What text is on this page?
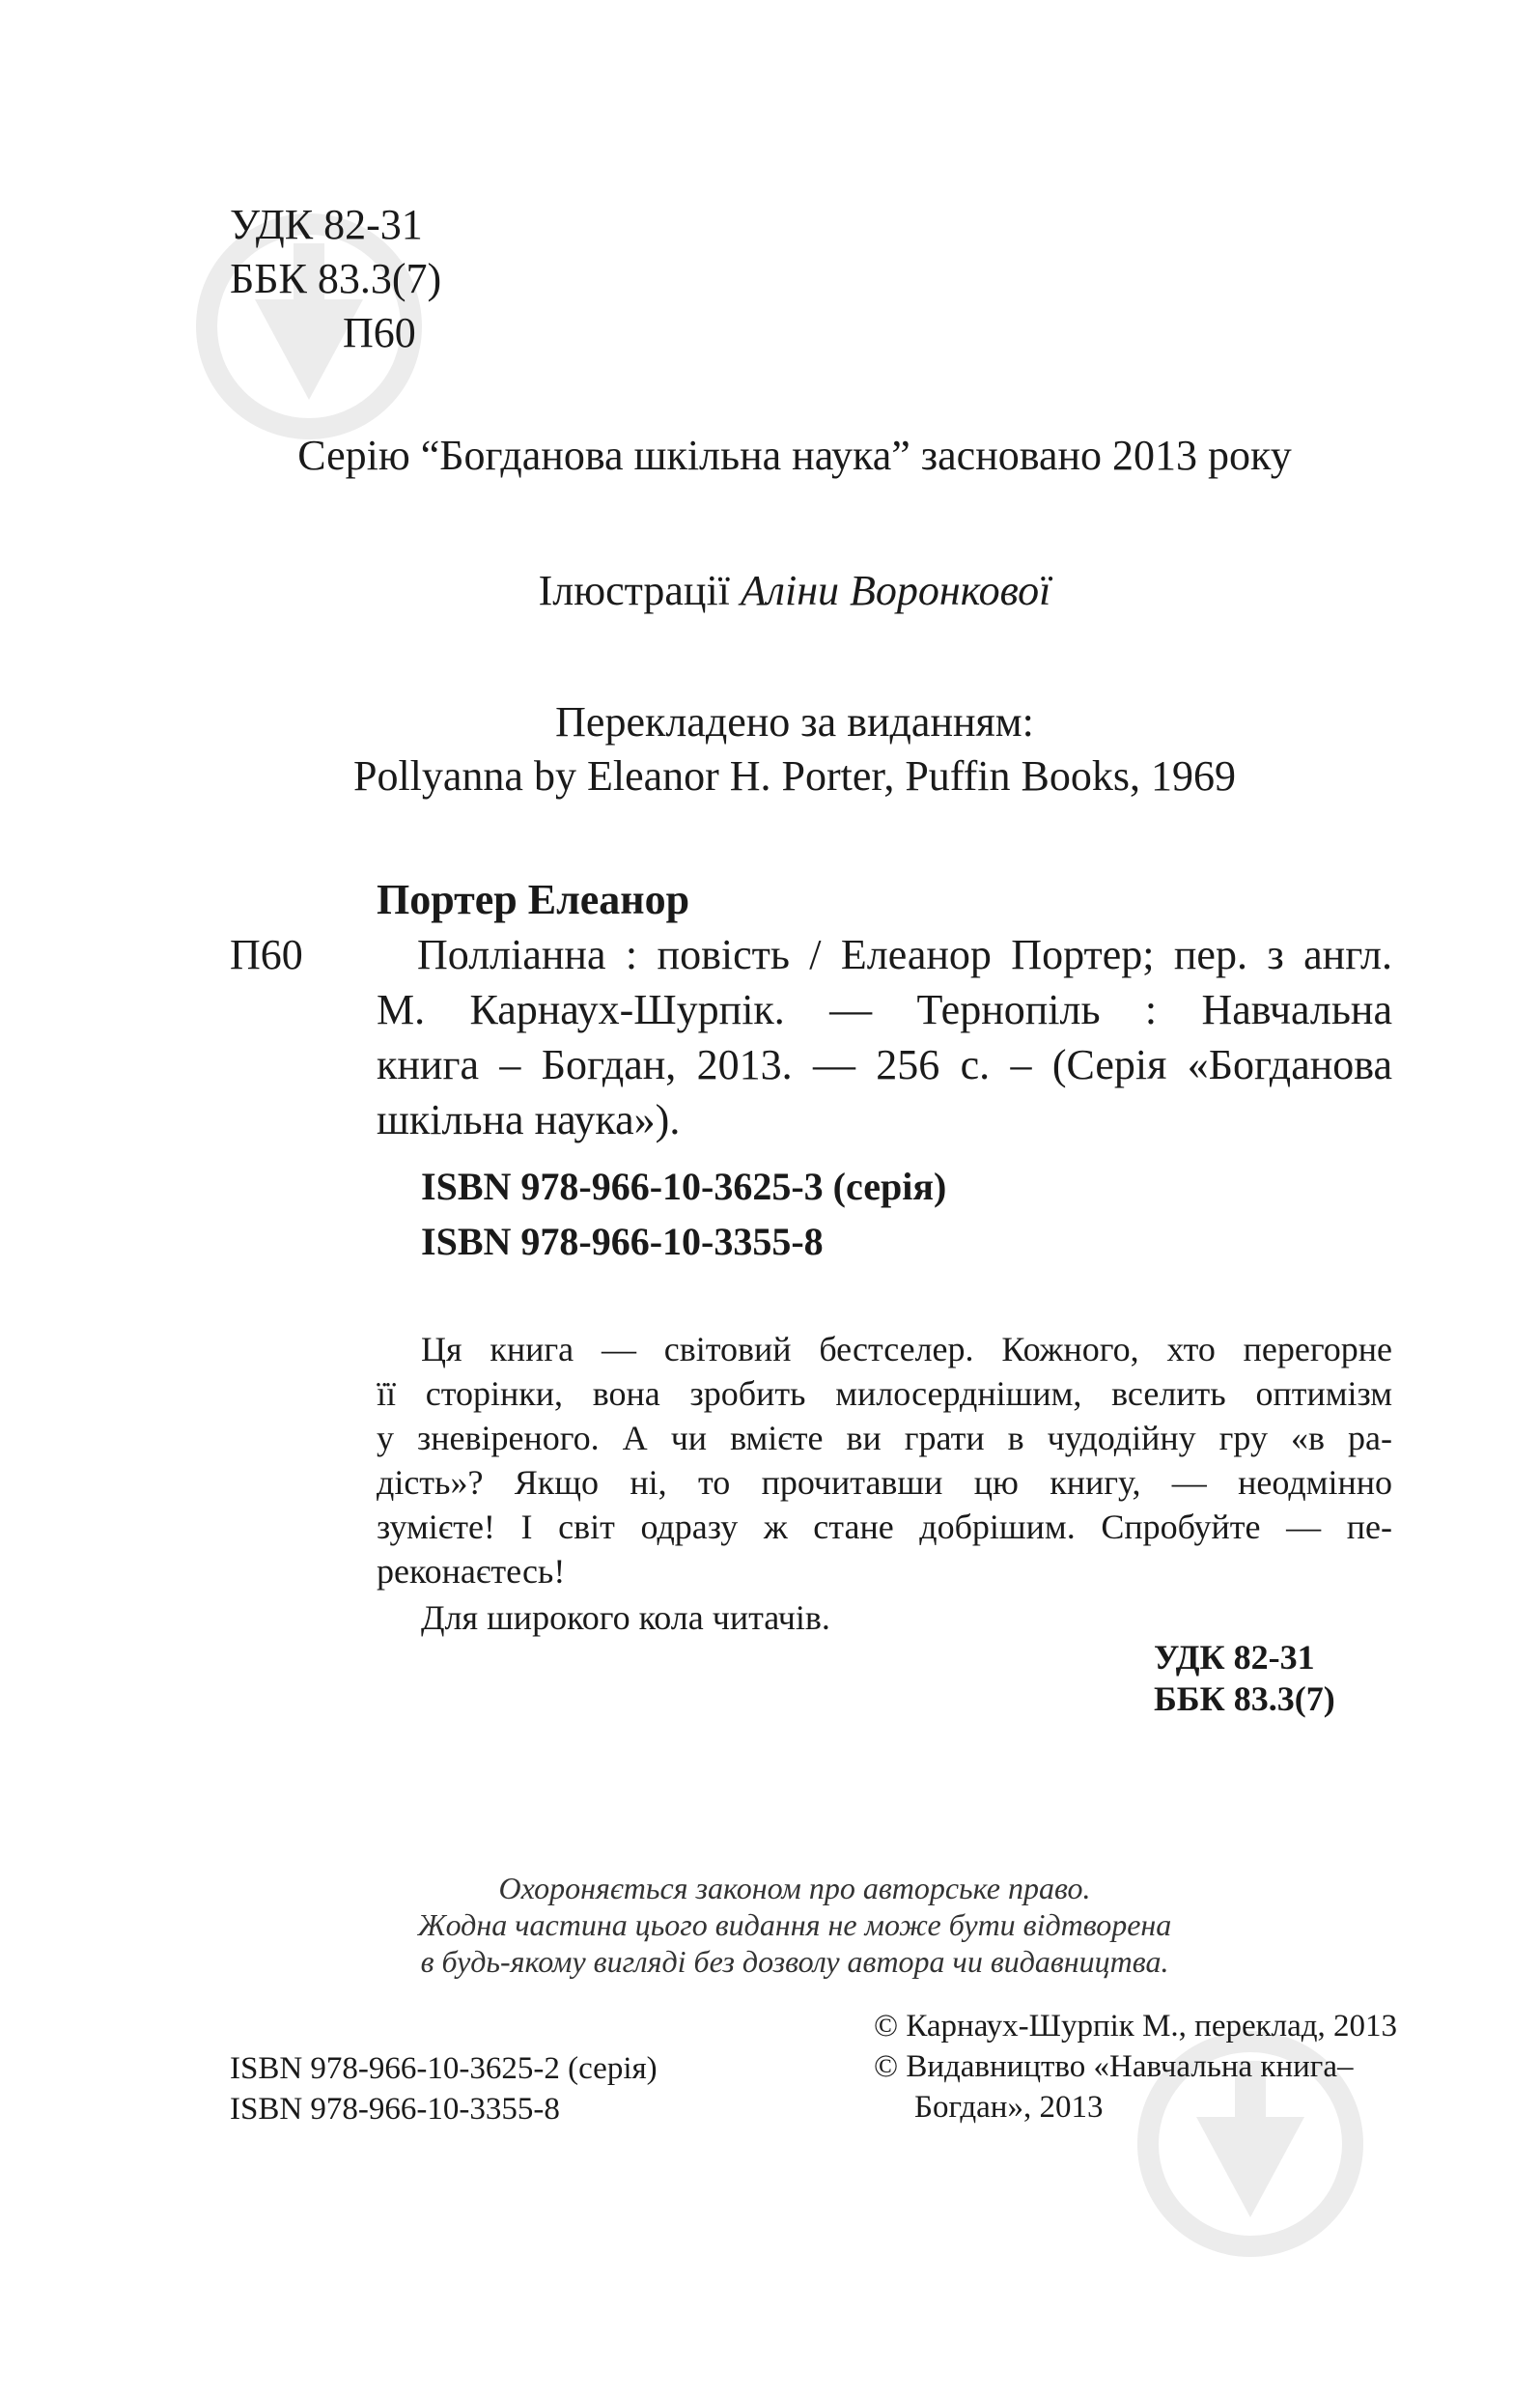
УДК 82-31
ББК 83.3(7)
П60
Серію “Богданова шкільна наука” засновано 2013 року
Ілюстрації Аліни Воронкової
Перекладено за виданням:
Pollyanna by Eleanor H. Porter, Puffin Books, 1969
Портер Елеанор
П60	Полліанна : повість / Елеанор Портер; пер. з англ.
М. Карнаух-Шурпік. — Тернопіль : Навчальна
книга – Богдан, 2013. — 256 с. – (Серія «Богданова
шкільна наука»).
ISBN 978-966-10-3625-3 (серія)
ISBN 978-966-10-3355-8
Ця книга — світовий бестселер. Кожного, хто перегорне
її сторінки, вона зробить милосерднішим, вселить оптимізм
у зневіреного. А чи вмієте ви грати в чудодійну гру «в ра-
дість»? Якщо ні, то прочитавши цю книгу, — неодмінно
зумієте! І світ одразу ж стане добрішим. Спробуйте — пе-
реконаєтесь!
Для широкого кола читачів.
УДК 82-31
ББК 83.3(7)
Охороняється законом про авторське право.
Жодна частина цього видання не може бути відтворена
в будь-якому вигляді без дозволу автора чи видавництва.
ISBN 978-966-10-3625-2 (серія)
ISBN 978-966-10-3355-8
© Карнаух-Шурпік М., переклад, 2013
© Видавництво «Навчальна книга–
Богдан», 2013
